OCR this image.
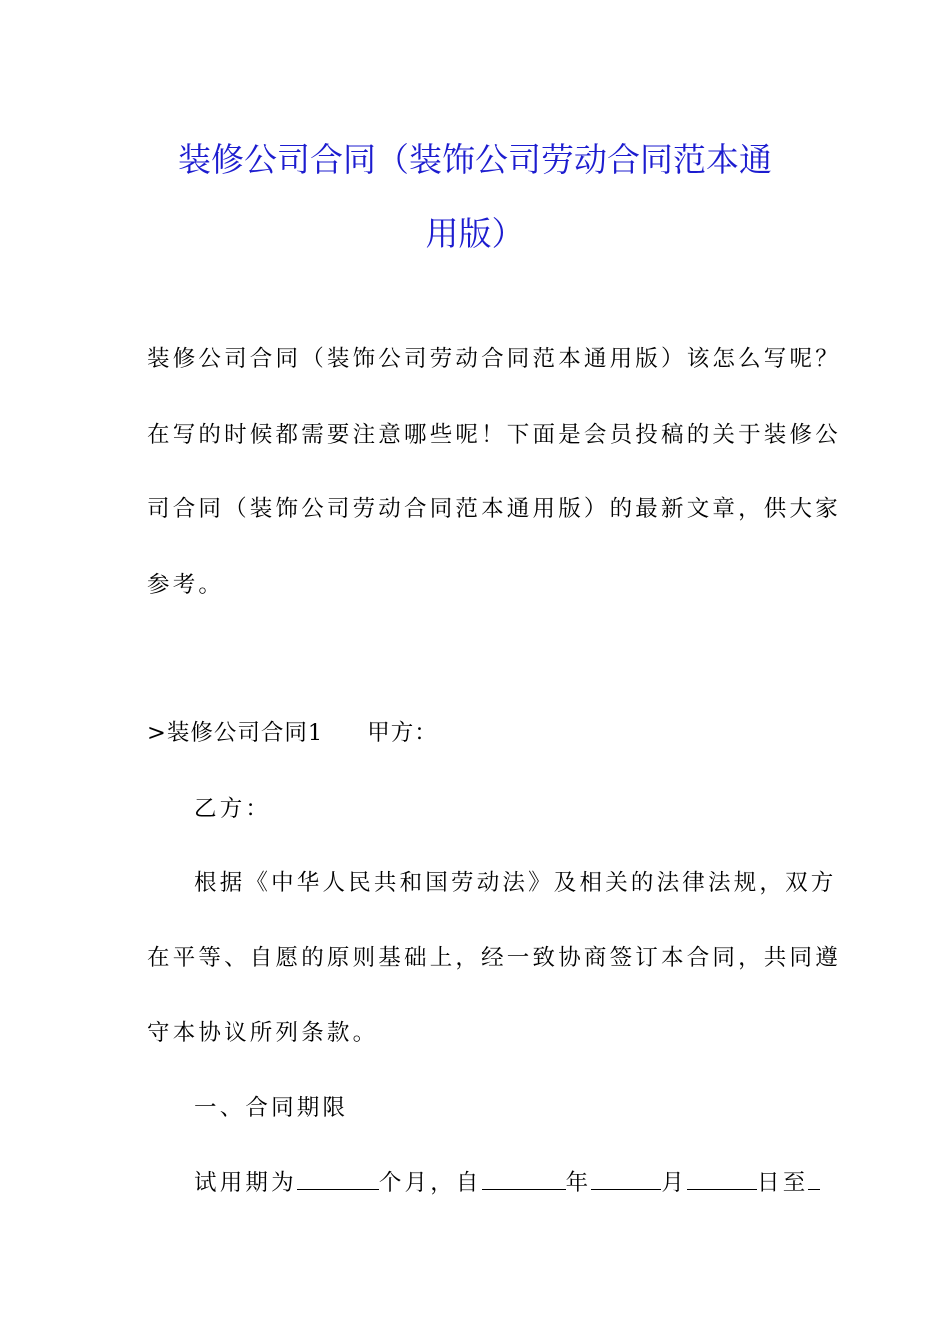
装修公司合同（装饰公司劳动合同范本通
用版）
装修公司合同（装饰公司劳动合同范本通用版）该怎么写呢？
在写的时候都需要注意哪些呢！下面是会员投稿的关于装修公
司合同（装饰公司劳动合同范本通用版）的最新文章，供大家
参考。
>装修公司合同1 甲方：
乙方：
根据《中华人民共和国劳动法》及相关的法律法规，双方
在平等、自愿的原则基础上，经一致协商签订本合同，共同遵
守本协议所列条款。
一、合同期限
试用期为	个月，自	年	月	日至
